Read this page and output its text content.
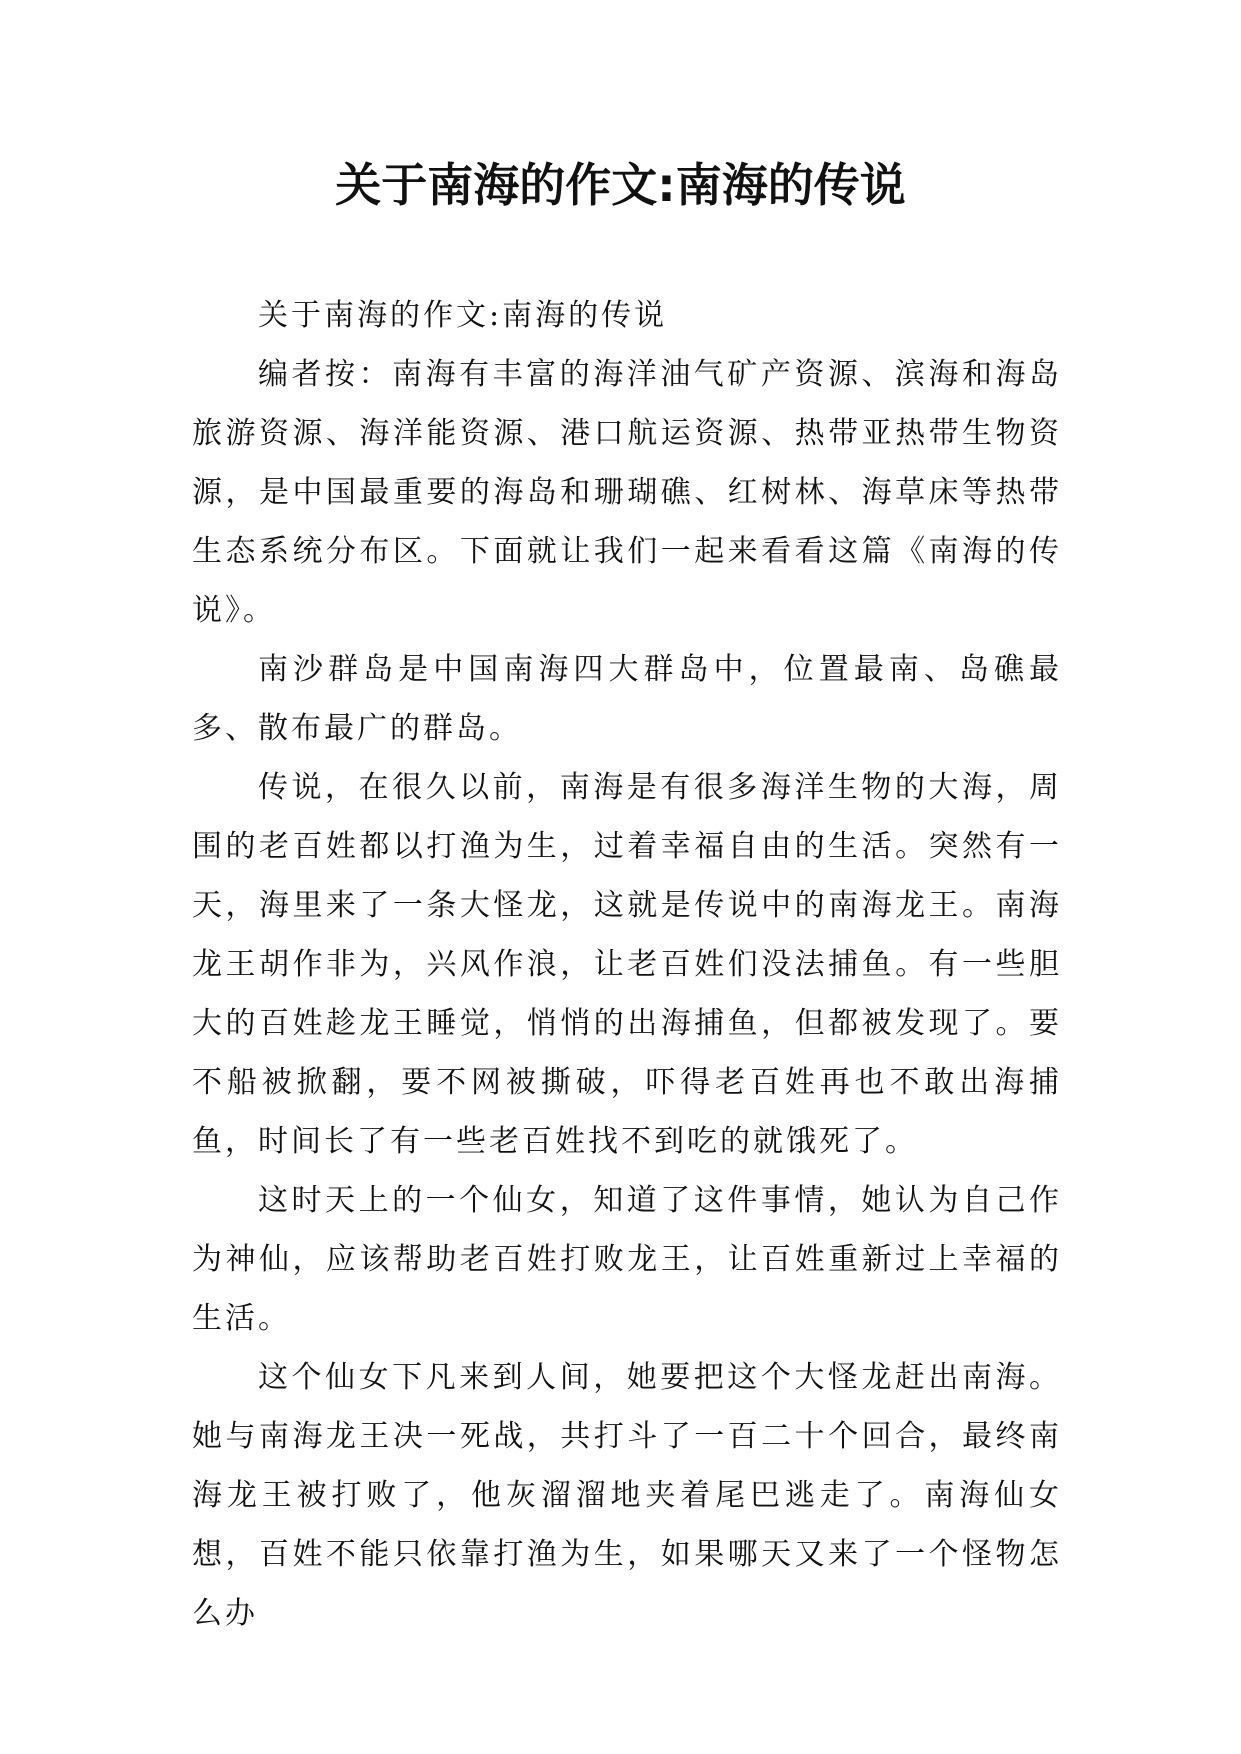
关于南海的作文:南海的传说

关于南海的作文:南海的传说

编者按：南海有丰富的海洋油气矿产资源、滨海和海岛旅游资源、海洋能资源、港口航运资源、热带亚热带生物资源，是中国最重要的海岛和珊瑚礁、红树林、海草床等热带生态系统分布区。下面就让我们一起来看看这篇《南海的传说》。

南沙群岛是中国南海四大群岛中，位置最南、岛礁最多、散布最广的群岛。

传说，在很久以前，南海是有很多海洋生物的大海，周围的老百姓都以打渔为生，过着幸福自由的生活。突然有一天，海里来了一条大怪龙，这就是传说中的南海龙王。南海龙王胡作非为，兴风作浪，让老百姓们没法捕鱼。有一些胆大的百姓趁龙王睡觉，悄悄的出海捕鱼，但都被发现了。要不船被掀翻，要不网被撕破，吓得老百姓再也不敢出海捕鱼，时间长了有一些老百姓找不到吃的就饿死了。

这时天上的一个仙女，知道了这件事情，她认为自己作为神仙，应该帮助老百姓打败龙王，让百姓重新过上幸福的生活。

这个仙女下凡来到人间，她要把这个大怪龙赶出南海。她与南海龙王决一死战，共打斗了一百二十个回合，最终南海龙王被打败了，他灰溜溜地夹着尾巴逃走了。南海仙女想，百姓不能只依靠打渔为生，如果哪天又来了一个怪物怎么办
